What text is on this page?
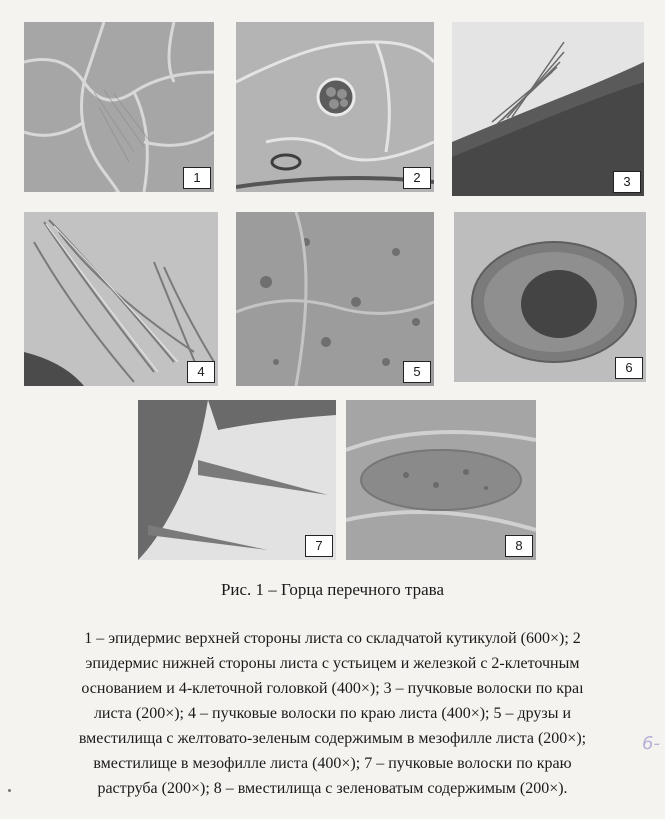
1	2	3
4	5	6
7	8
Рис. 1 – Горца перечного трава
1 – эпидермис верхней стороны листа со складчатой кутикулой (600×); 2
эпидермис нижней стороны листа с устьицем и железкой с 2-клеточным
основанием и 4-клеточной головкой (400×); 3 – пучковые волоски по краı
листа (200×); 4 – пучковые волоски по краю листа (400×); 5 – друзы и
вместилища с желтовато-зеленым содержимым в мезофилле листа (200×);
вместилище в мезофилле листа (400×); 7 – пучковые волоски по краю
раструба (200×); 8 – вместилища с зеленоватым содержимым (200×).
6-
